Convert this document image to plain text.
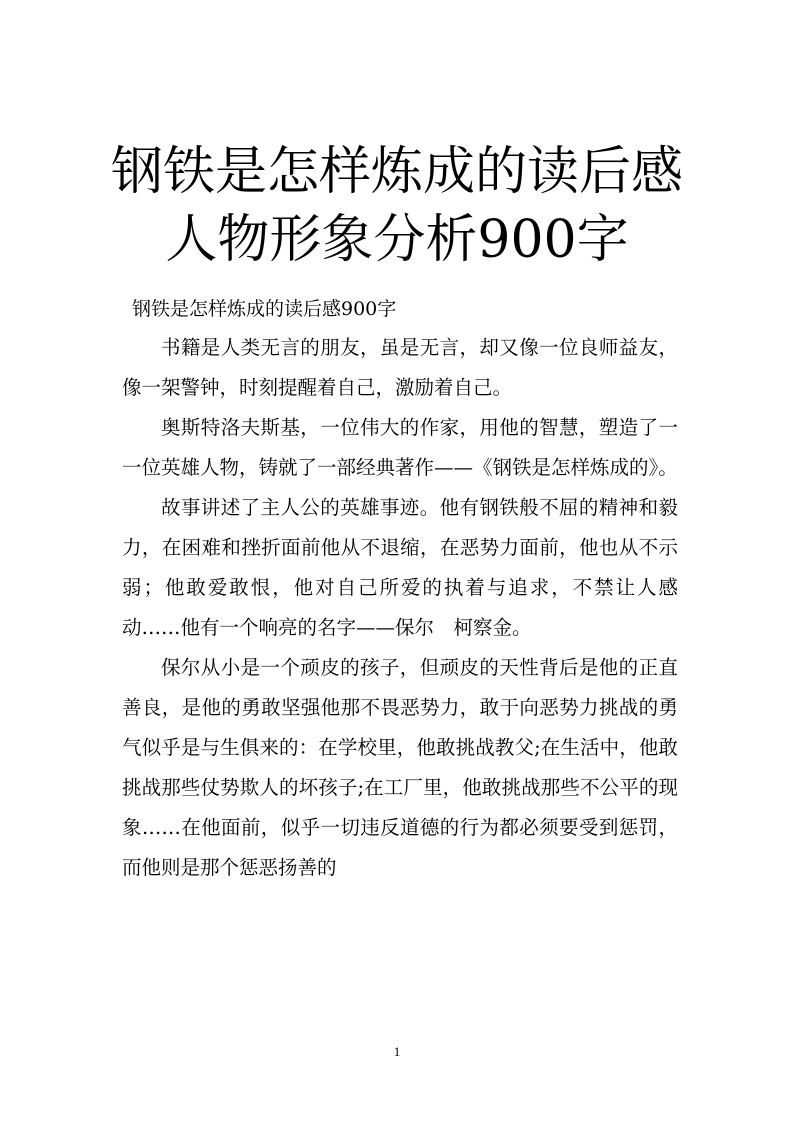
钢铁是怎样炼成的读后感
人物形象分析900字

钢铁是怎样炼成的读后感900字

书籍是人类无言的朋友，虽是无言，却又像一位良师益友，像一架警钟，时刻提醒着自己，激励着自己。

奥斯特洛夫斯基，一位伟大的作家，用他的智慧，塑造了一一位英雄人物，铸就了一部经典著作——《钢铁是怎样炼成的》。

故事讲述了主人公的英雄事迹。他有钢铁般不屈的精神和毅力，在困难和挫折面前他从不退缩，在恶势力面前，他也从不示弱；他敢爱敢恨，他对自己所爱的执着与追求，不禁让人感动……他有一个响亮的名字——保尔　柯察金。

保尔从小是一个顽皮的孩子，但顽皮的天性背后是他的正直善良，是他的勇敢坚强他那不畏恶势力，敢于向恶势力挑战的勇气似乎是与生俱来的：在学校里，他敢挑战教父;在生活中，他敢挑战那些仗势欺人的坏孩子;在工厂里，他敢挑战那些不公平的现象……在他面前，似乎一切违反道德的行为都必须要受到惩罚，而他则是那个惩恶扬善的

1
